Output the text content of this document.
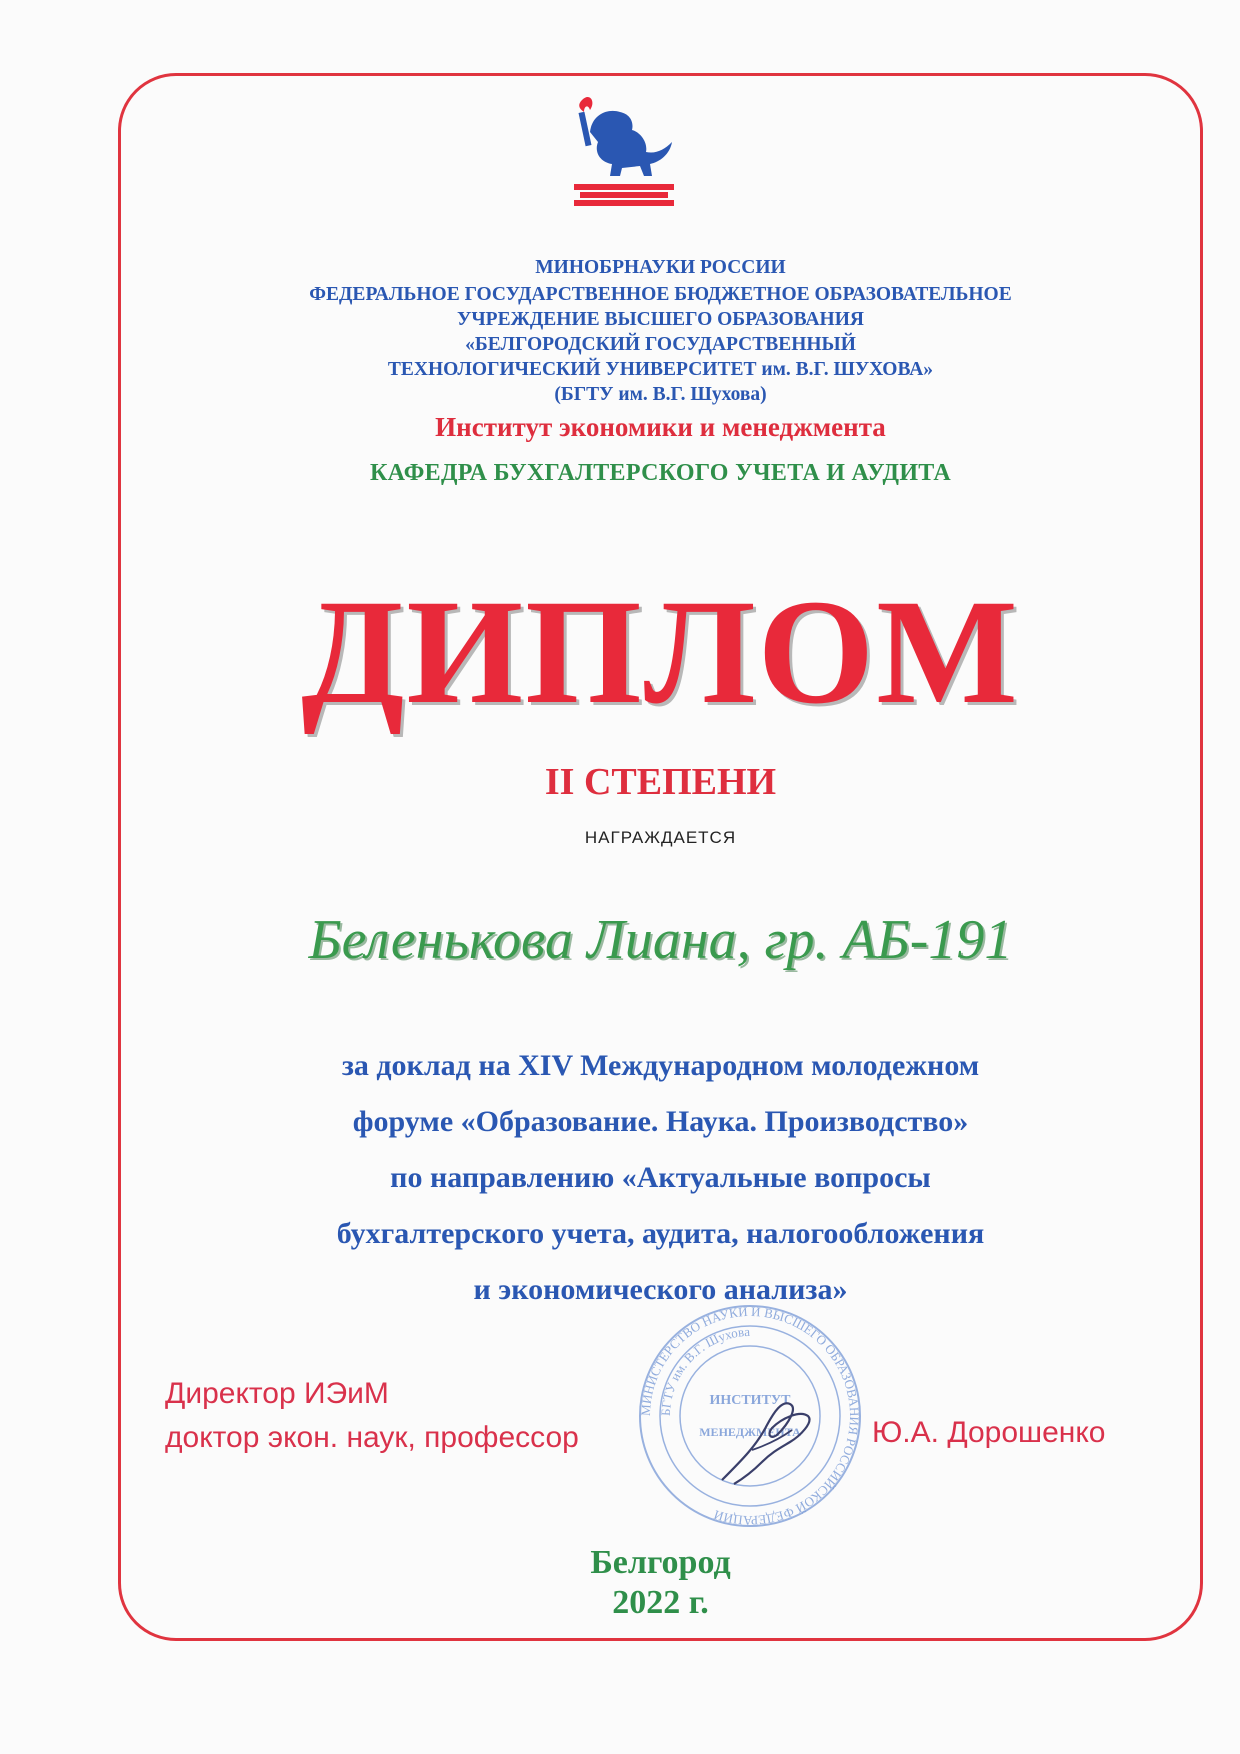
МИНОБРНАУКИ РОССИИ
ФЕДЕРАЛЬНОЕ ГОСУДАРСТВЕННОЕ БЮДЖЕТНОЕ ОБРАЗОВАТЕЛЬНОЕ
УЧРЕЖДЕНИЕ ВЫСШЕГО ОБРАЗОВАНИЯ
«БЕЛГОРОДСКИЙ ГОСУДАРСТВЕННЫЙ
ТЕХНОЛОГИЧЕСКИЙ УНИВЕРСИТЕТ им. В.Г. ШУХОВА»
(БГТУ им. В.Г. Шухова)
Институт экономики и менеджмента
КАФЕДРА БУХГАЛТЕРСКОГО УЧЕТА И АУДИТА
ДИПЛОМ
II СТЕПЕНИ
НАГРАЖДАЕТСЯ
Беленькова Лиана, гр. АБ-191
за доклад на XIV Международном молодежном
форуме «Образование. Наука. Производство»
по направлению «Актуальные вопросы
бухгалтерского учета, аудита, налогообложения
и экономического анализа»
МИНИСТЕРСТВО НАУКИ И ВЫСШЕГО ОБРАЗОВАНИЯ РОССИЙСКОЙ ФЕДЕРАЦИИ
БГТУ им. В.Г. Шухова
ИНСТИТУТ
МЕНЕДЖМЕНТА
Директор ИЭиМ
доктор экон. наук, профессор	Ю.А. Дорошенко
Белгород
2022 г.
